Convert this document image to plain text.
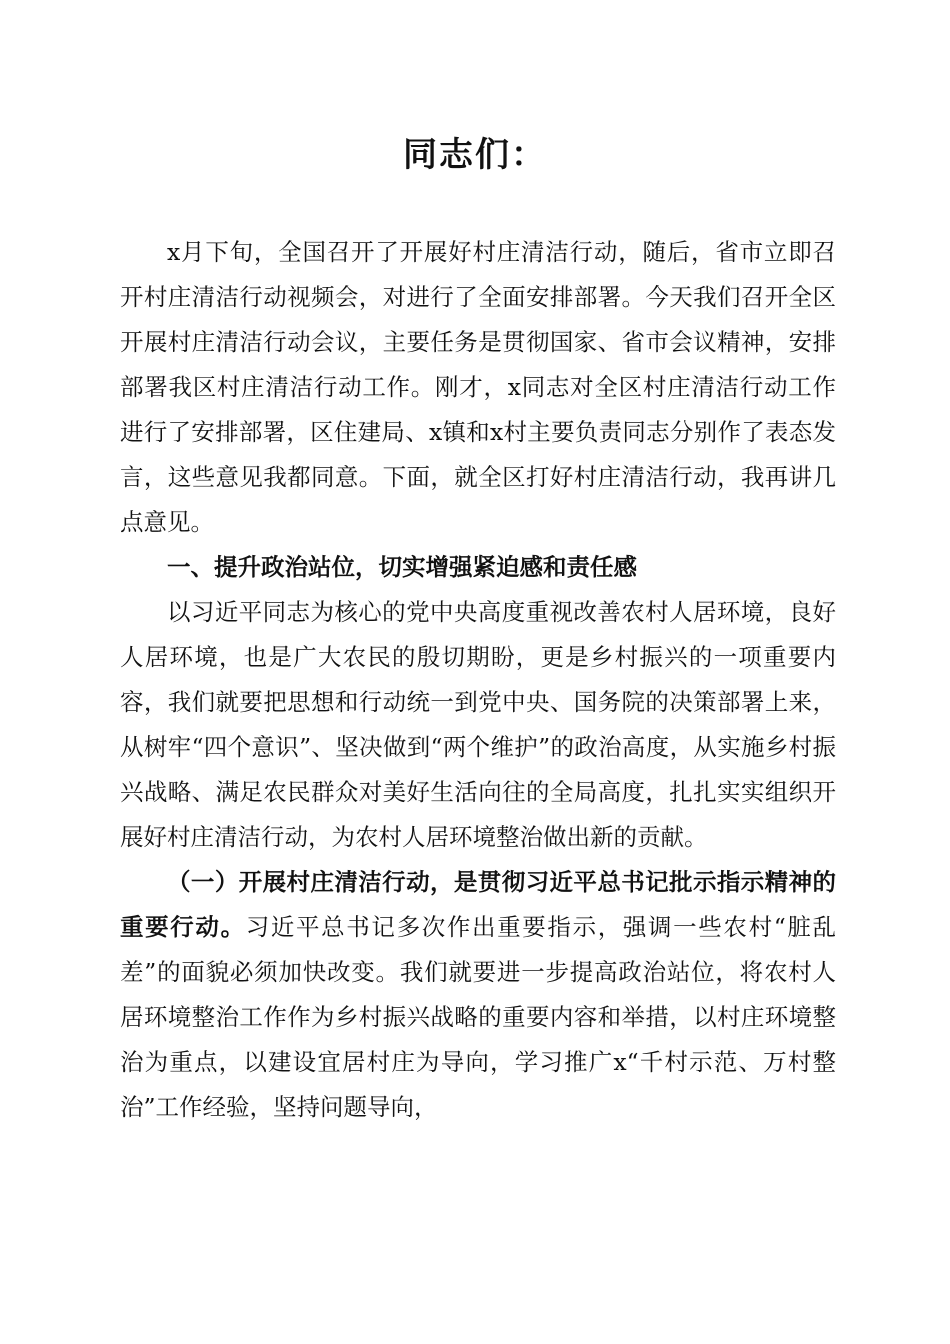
同志们：

x月下旬，全国召开了开展好村庄清洁行动，随后，省市立即召开村庄清洁行动视频会，对进行了全面安排部署。今天我们召开全区开展村庄清洁行动会议，主要任务是贯彻国家、省市会议精神，安排部署我区村庄清洁行动工作。刚才，x同志对全区村庄清洁行动工作进行了安排部署，区住建局、x镇和x村主要负责同志分别作了表态发言，这些意见我都同意。下面，就全区打好村庄清洁行动，我再讲几点意见。

一、提升政治站位，切实增强紧迫感和责任感

以习近平同志为核心的党中央高度重视改善农村人居环境，良好人居环境，也是广大农民的殷切期盼，更是乡村振兴的一项重要内容，我们就要把思想和行动统一到党中央、国务院的决策部署上来，从树牢“四个意识”、坚决做到“两个维护”的政治高度，从实施乡村振兴战略、满足农民群众对美好生活向往的全局高度，扎扎实实组织开展好村庄清洁行动，为农村人居环境整治做出新的贡献。

（一）开展村庄清洁行动，是贯彻习近平总书记批示指示精神的重要行动。习近平总书记多次作出重要指示，强调一些农村“脏乱差”的面貌必须加快改变。我们就要进一步提高政治站位，将农村人居环境整治工作作为乡村振兴战略的重要内容和举措，以村庄环境整治为重点，以建设宜居村庄为导向，学习推广x“千村示范、万村整治”工作经验，坚持问题导向，
